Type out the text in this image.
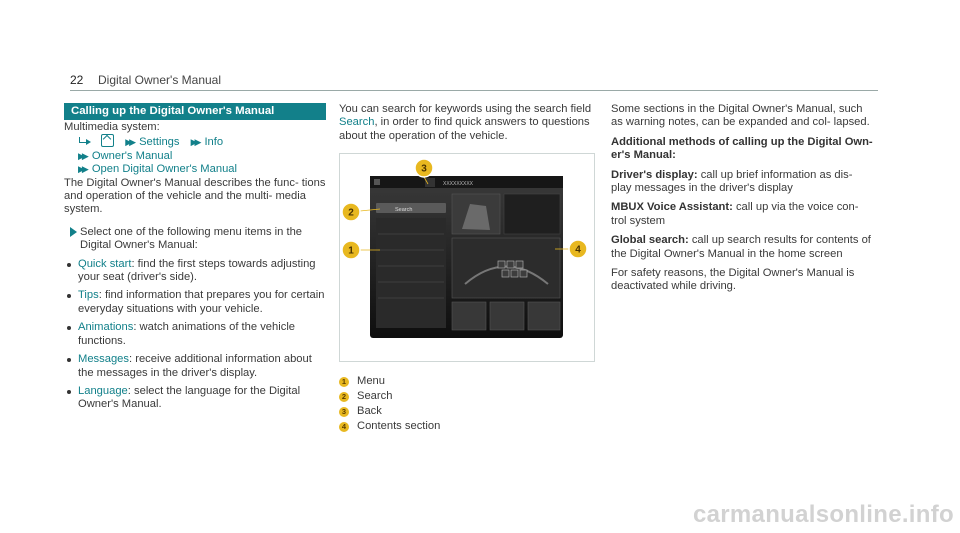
22 Digital Owner's Manual
Calling up the Digital Owner's Manual
Multimedia system:
▶▶ Settings ▶▶ Info
▶▶ Owner's Manual
▶▶ Open Digital Owner's Manual
The Digital Owner's Manual describes the func- tions and operation of the vehicle and the multi- media system.
Select one of the following menu items in the Digital Owner's Manual:
Quick start: find the first steps towards adjusting your seat (driver's side).
Tips: find information that prepares you for certain everyday situations with your vehicle.
Animations: watch animations of the vehicle functions.
Messages: receive additional information about the messages in the driver's display.
Language: select the language for the Digital Owner's Manual.
You can search for keywords using the search field Search, in order to find quick answers to questions about the operation of the vehicle.
XXXXXXXXX
Search
1
2
3
4
1 Menu
2 Search
3 Back
4 Contents section
Some sections in the Digital Owner's Manual, such as warning notes, can be expanded and col- lapsed.
Additional methods of calling up the Digital Own- er's Manual:
Driver's display: call up brief information as dis- play messages in the driver's display
MBUX Voice Assistant: call up via the voice con- trol system
Global search: call up search results for contents of the Digital Owner's Manual in the home screen
For safety reasons, the Digital Owner's Manual is deactivated while driving.
carmanualsonline.info
